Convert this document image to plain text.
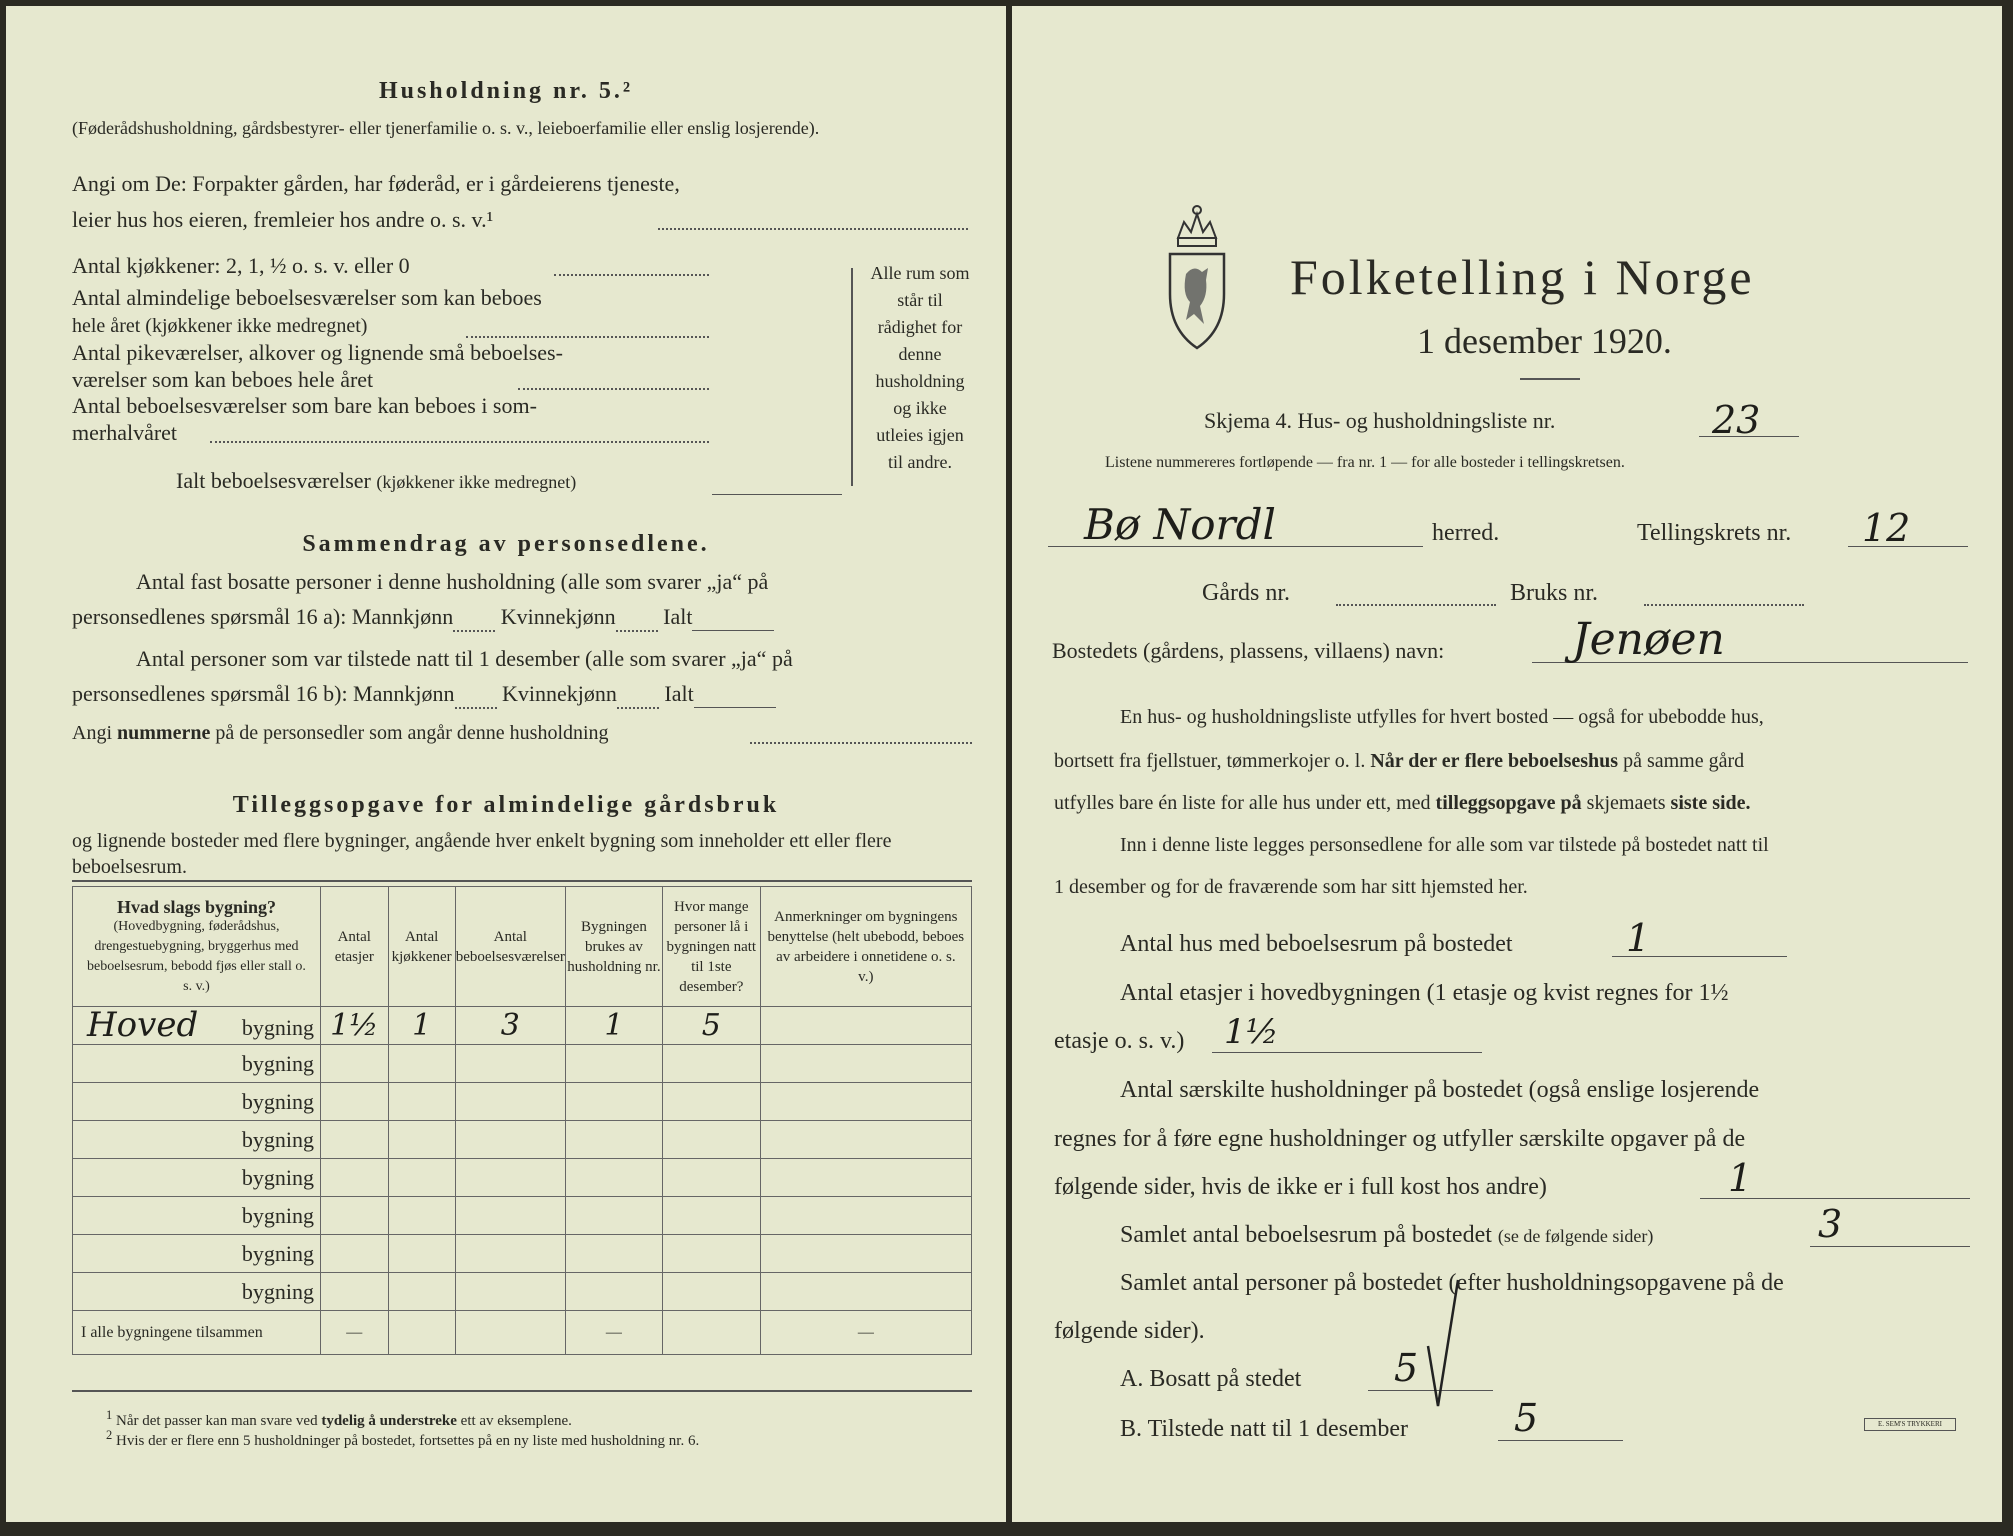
Husholdning nr. 5.²
(Føderådshusholdning, gårdsbestyrer- eller tjenerfamilie o. s. v., leieboerfamilie eller enslig losjerende).
Angi om De: Forpakter gården, har føderåd, er i gårdeierens tjeneste,
leier hus hos eieren, fremleier hos andre o. s. v.¹
Antal kjøkkener: 2, 1, ½ o. s. v. eller 0
Antal almindelige beboelsesværelser som kan beboes
hele året (kjøkkener ikke medregnet)
Antal pikeværelser, alkover og lignende små beboelses-
værelser som kan beboes hele året
Antal beboelsesværelser som bare kan beboes i som-
merhalvåret
Ialt beboelsesværelser (kjøkkener ikke medregnet)
Alle rum som står til rådighet for denne husholdning og ikke utleies igjen til andre.
Sammendrag av personsedlene.
Antal fast bosatte personer i denne husholdning (alle som svarer „ja“ på
personsedlenes spørsmål 16 a): Mannkjønn Kvinnekjønn Ialt
Antal personer som var tilstede natt til 1 desember (alle som svarer „ja“ på
personsedlenes spørsmål 16 b): Mannkjønn Kvinnekjønn Ialt
Angi nummerne på de personsedler som angår denne husholdning
Tilleggsopgave for almindelige gårdsbruk
og lignende bosteder med flere bygninger, angående hver enkelt bygning som inneholder ett eller flere beboelsesrum.
Hvad slags bygning?
(Hovedbygning, føderådshus, drengestuebygning, bryggerhus med beboelsesrum, bebodd fjøs eller stall o. s. v.)	Antal etasjer	Antal kjøkkener	Antal beboelsesværelser	Bygningen brukes av husholdning nr.	Hvor mange personer lå i bygningen natt til 1ste desember?	Anmerkninger om bygningens benyttelse (helt ubebodd, beboes av arbeidere i onnetidene o. s. v.)

Hoved bygning	1½	1	3	1	5	
bygning						
bygning						
bygning						
bygning						
bygning						
bygning						
bygning						
I alle bygningene tilsammen	—			—		—
$^1$ Når det passer kan man svare ved tydelig å understreke ett av eksemplene.
$^2$ Hvis der er flere enn 5 husholdninger på bostedet, fortsettes på en ny liste med husholdning nr. 6.
Folketelling i Norge
1 desember 1920.
Skjema 4. Hus- og husholdningsliste nr.	23
Listene nummereres fortløpende — fra nr. 1 — for alle bosteder i tellingskretsen.
Bø Nordl	herred.	Tellingskrets nr. 12
Gårds nr.	Bruks nr.
Bostedets (gårdens, plassens, villaens) navn:	Jenøen
En hus- og husholdningsliste utfylles for hvert bosted — også for ubebodde hus,
bortsett fra fjellstuer, tømmerkojer o. l. Når der er flere beboelseshus på samme gård
utfylles bare én liste for alle hus under ett, med tilleggsopgave på skjemaets siste side.
Inn i denne liste legges personsedlene for alle som var tilstede på bostedet natt til
1 desember og for de fraværende som har sitt hjemsted her.
Antal hus med beboelsesrum på bostedet	1
Antal etasjer i hovedbygningen (1 etasje og kvist regnes for 1½
etasje o. s. v.) 1½
Antal særskilte husholdninger på bostedet (også enslige losjerende
regnes for å føre egne husholdninger og utfyller særskilte opgaver på de
følgende sider, hvis de ikke er i full kost hos andre)	1
Samlet antal beboelsesrum på bostedet (se de følgende sider)	3
Samlet antal personer på bostedet (efter husholdningsopgavene på de
følgende sider).
A. Bosatt på stedet 5
B. Tilstede natt til 1 desember	5	E. SEM'S TRYKKERI
